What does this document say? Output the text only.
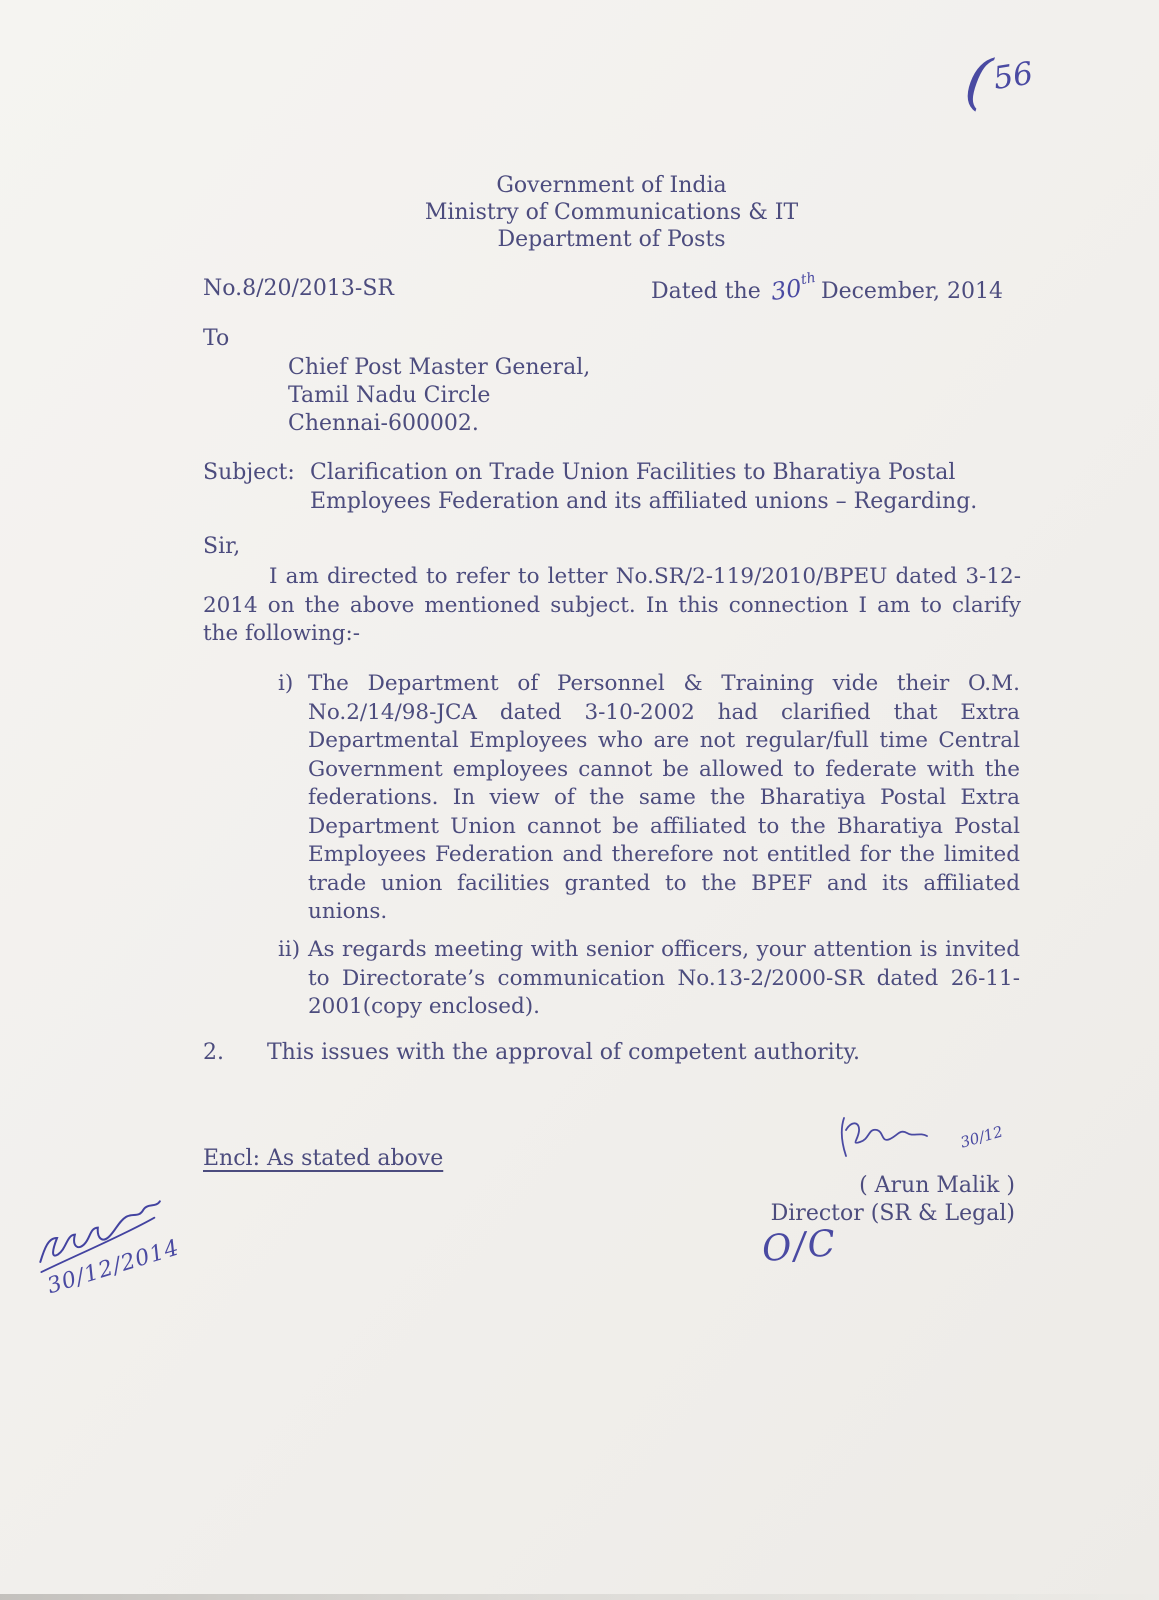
(56
Government of India
Ministry of Communications & IT
Department of Posts
No.8/20/2013-SR	Dated the 30thDecember, 2014
To
Chief Post Master General,
Tamil Nadu Circle
Chennai-600002.
Subject: Clarification on Trade Union Facilities to Bharatiya Postal Employees Federation and its affiliated unions – Regarding.
Sir,

I am directed to refer to letter No.SR/2-119/2010/BPEU dated 3-12-2014 on the above mentioned subject. In this connection I am to clarify the following:-

i) The Department of Personnel & Training vide their O.M. No.2/14/98-JCA dated 3-10-2002 had clarified that Extra Departmental Employees who are not regular/full time Central Government employees cannot be allowed to federate with the federations. In view of the same the Bharatiya Postal Extra Department Union cannot be affiliated to the Bharatiya Postal Employees Federation and therefore not entitled for the limited trade union facilities granted to the BPEF and its affiliated unions.
ii) As regards meeting with senior officers, your attention is invited to Directorate’s communication No.13-2/2000-SR dated 26-11-2001(copy enclosed).
2. This issues with the approval of competent authority.
Encl: As stated above
30/12
( Arun Malik )
Director (SR & Legal)
O/C
30/12/2014
